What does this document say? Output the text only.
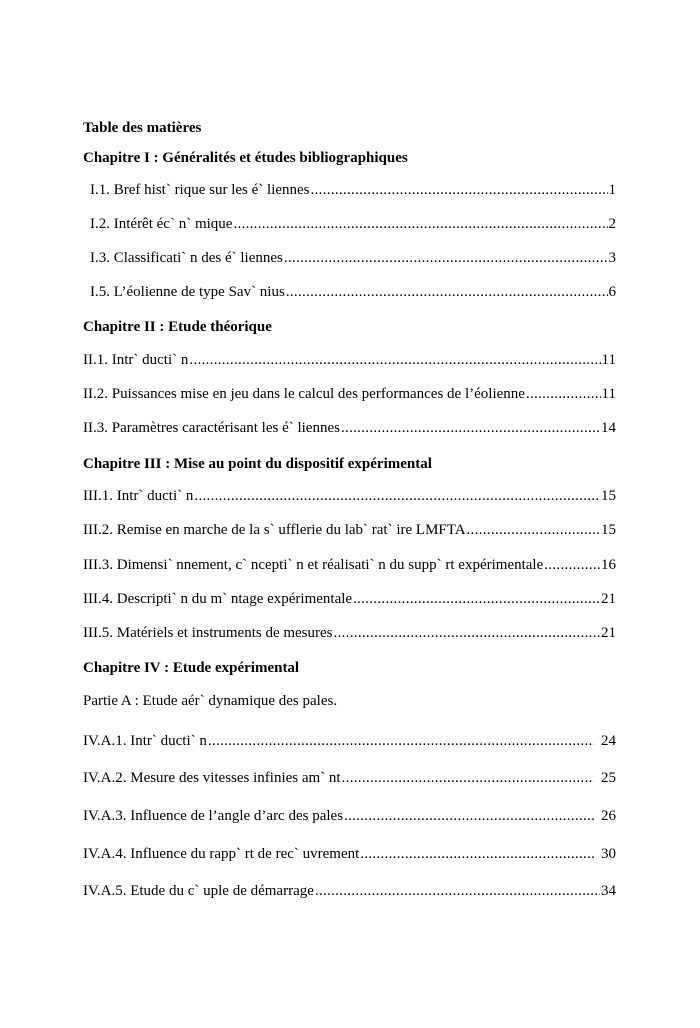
Table des matières
Chapitre I : Généralités et études bibliographiques
I.1. Bref hist` rique sur les é` liennes .....	1
I.2. Intérêt éc` n` mique .....	2
I.3. Classificati` n des é` liennes .....	3
I.5. L’éolienne de type Sav` nius .....	6
Chapitre II : Etude théorique
II.1. Intr` ducti` n .....	11
II.2. Puissances mise en jeu dans le calcul des performances de l’éolienne .....	11
II.3. Paramètres caractérisant les é` liennes .....	14
Chapitre III : Mise au point du dispositif expérimental
III.1. Intr` ducti` n .....	15
III.2. Remise en marche de la s` ufflerie du lab` rat` ire LMFTA .....	15
III.3. Dimensi` nnement, c` ncepti` n et réalisati` n du supp` rt expérimentale .....	16
III.4. Descripti` n du m` ntage expérimentale .....	21
III.5. Matériels et instruments de mesures .....	21
Chapitre IV : Etude expérimental
Partie A : Etude aér` dynamique des pales.
IV.A.1. Intr` ducti` n .....	24
IV.A.2. Mesure des vitesses infinies am` nt .....	25
IV.A.3. Influence de l’angle d’arc des pales .....	26
IV.A.4. Influence du rapp` rt de rec` uvrement .....	30
IV.A.5. Etude du c` uple de démarrage .....	34
